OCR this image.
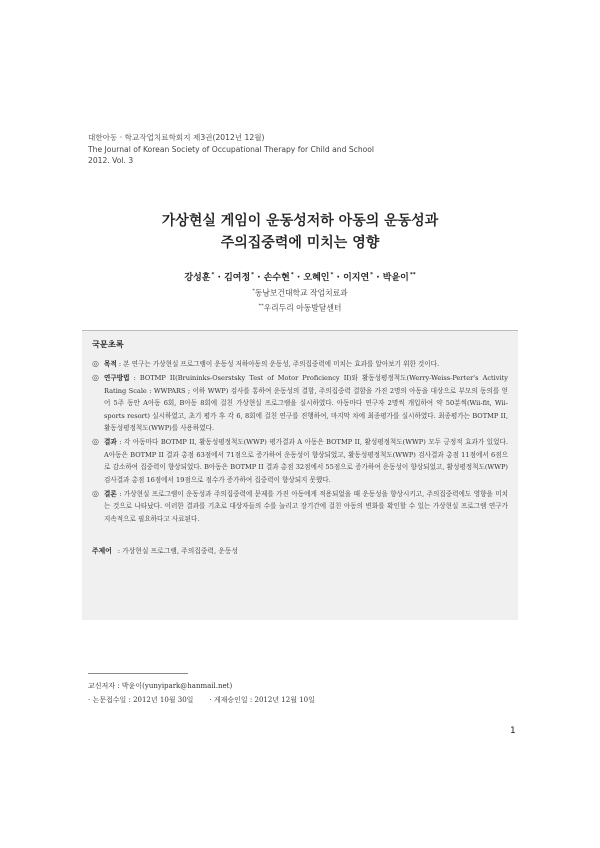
대한아동 · 학교작업치료학회지 제3권(2012년 12월)
The Journal of Korean Society of Occupational Therapy for Child and School
2012. Vol. 3
가상현실 게임이 운동성저하 아동의 운동성과
주의집중력에 미치는 영향
강성훈* · 김여정* · 손수현* · 오혜인* · 이지연* · 박윤이**
*동남보건대학교 작업치료과
**우리두리 아동발달센터
국문초록
◎ 목적 : 본 연구는 가상현실 프로그램이 운동성 저하아동의 운동성, 주의집중력에 미치는 효과를 알아보기 위한 것이다.
◎ 연구방법 : BOTMP II(Bruininks-Oserstsky Test of Motor Proficiency II)와 활동성평정척도(Werry-Weiss-Perter's Activity Rating Scale : WWPARS ; 이하 WWP) 검사를 통하여 운동성의 결함, 주의집중력 결함을 가진 2명의 아동을 대상으로 부모의 동의를 얻어 5주 동안 A아동 6회, B아동 8회에 걸친 가상현실 프로그램을 실시하였다. 아동마다 연구자 2명씩 개입하여 약 50분씩(Wii-fit, Wii-sports resort) 실시하였고, 초기 평가 후 각 6, 8회에 걸친 연구를 진행하여, 마지막 차에 최종평가를 실시하였다. 최종평가는 BOTMP II, 활동성평정척도(WWP)를 사용하였다.
◎ 결과 : 각 아동마다 BOTMP II, 활동성평정척도(WWP) 평가결과 A 아동은 BOTMP II, 활성평정척도(WWP) 모두 긍정적 효과가 있었다. A아동은 BOTMP II 결과 총점 63점에서 71점으로 증가하여 운동성이 향상되었고, 활동성평정척도(WWP) 검사결과 총점 11점에서 6점으로 감소하여 집중력이 향상되었다. B아동은 BOTMP II 결과 총점 32점에서 55점으로 증가하여 운동성이 향상되었고, 활성평정척도(WWP) 검사결과 총점 16점에서 19점으로 점수가 증가하여 집중력이 향상되지 못했다.
◎ 결론 : 가상현실 프로그램이 운동성과 주의집중력에 문제를 가진 아동에게 적용되었을 때 운동성을 향상시키고, 주의집중력에도 영향을 미치는 것으로 나타났다. 이러한 결과를 기초로 대상자들의 수를 늘리고 장기간에 걸친 아동의 변화를 확인할 수 있는 가상현실 프로그램 연구가 지속적으로 필요하다고 사료된다.
주제어 : 가상현실 프로그램, 주의집중력, 운동성
교신저자 : 박윤이(yunyipark@hanmail.net)
· 논문접수일 : 2012년 10월 30일 · 게재승인일 : 2012년 12월 10일
1
